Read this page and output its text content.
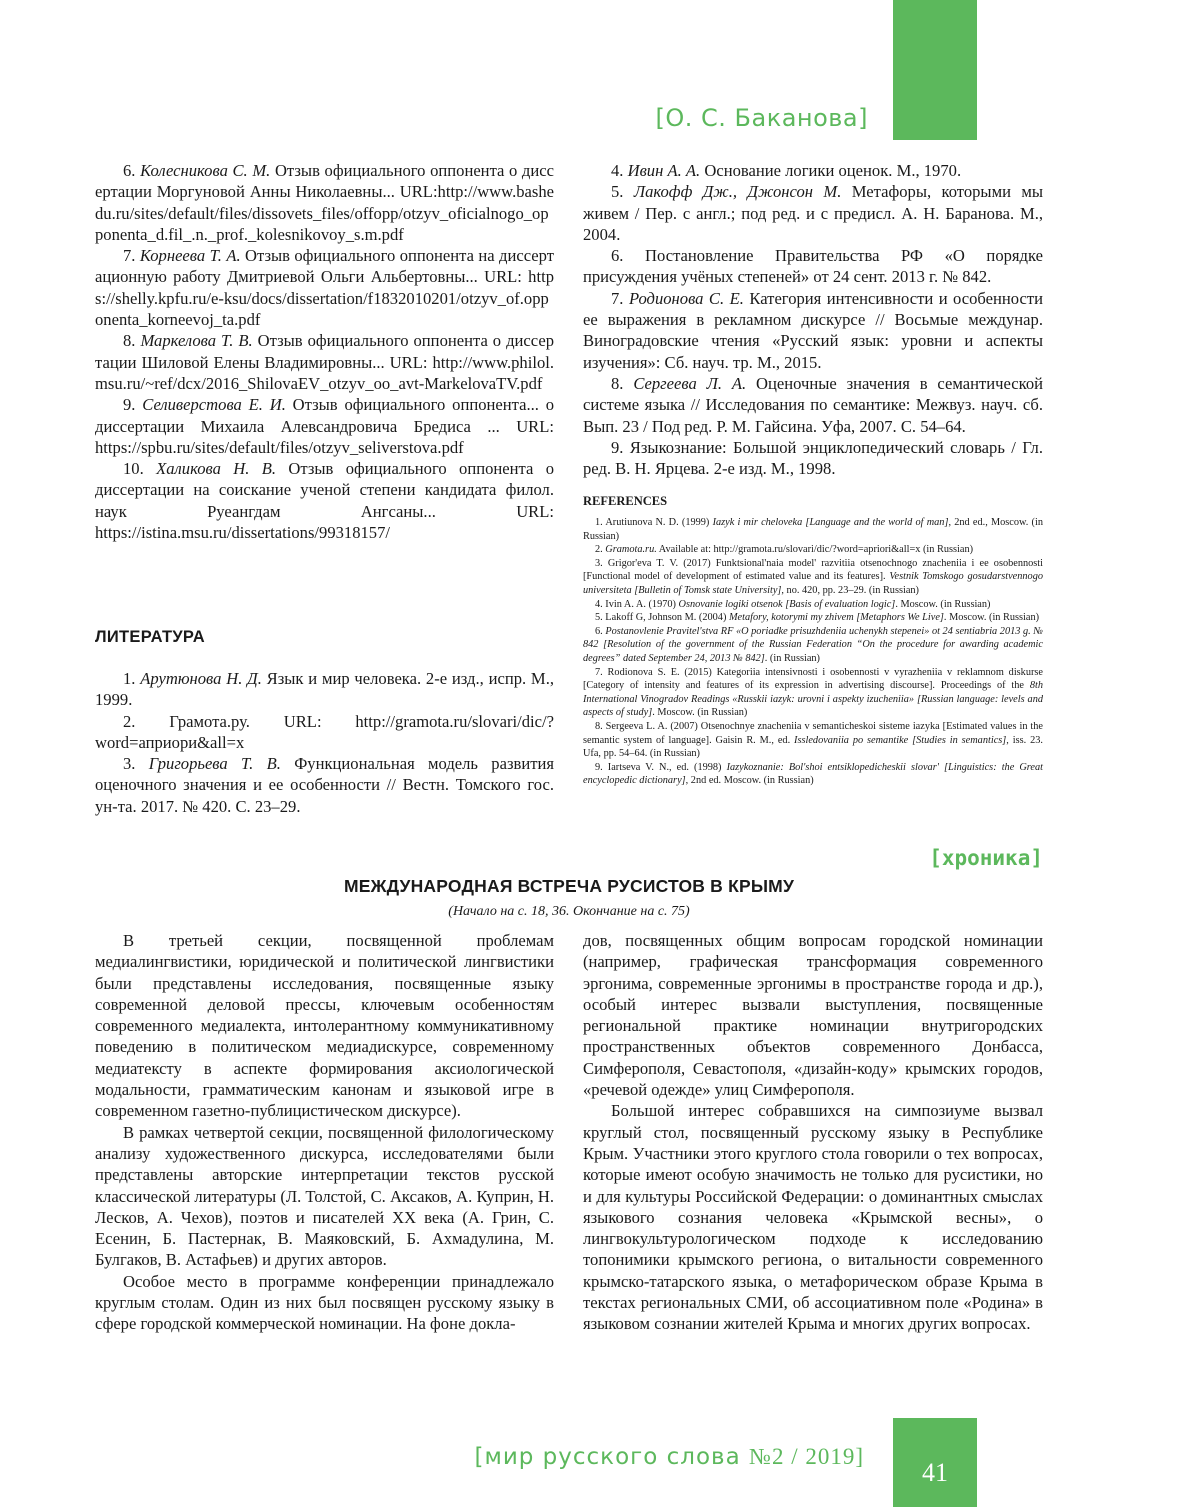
[О. С. Баканова]

6. Колесникова С. М. Отзыв официального оппонента о диссертации Моргуновой Анны Николаевны... URL:http://www.bashedu.ru/sites/default/files/dissovets_files/offopp/otzyv_oficialnogo_opponenta_d.fil_.n._prof._kolesnikovoy_s.m.pdf

7. Корнеева Т. А. Отзыв официального оппонента на диссертационную работу Дмитриевой Ольги Альбертовны... URL: https://shelly.kpfu.ru/e-ksu/docs/dissertation/f1832010201/otzyv_of.opponenta_korneevoj_ta.pdf

8. Маркелова Т. В. Отзыв официального оппонента о диссертации Шиловой Елены Владимировны... URL: http://www.philol.msu.ru/~ref/dcx/2016_ShilovaEV_otzyv_oo_avt-MarkelovaTV.pdf

9. Селиверстова Е. И. Отзыв официального оппонента... о диссертации Михаила Алевсандровича Бредиса ... URL: https://spbu.ru/sites/default/files/otzyv_seliverstova.pdf

10. Халикова Н. В. Отзыв официального оппонента о диссертации на соискание ученой степени кандидата филол. наук Руеангдам Ангсаны... URL: https://istina.msu.ru/dissertations/99318157/

ЛИТЕРАТУРА

1. Арутюнова Н. Д. Язык и мир человека. 2-е изд., испр. М., 1999.

2. Грамота.ру. URL: http://gramota.ru/slovari/dic/?word=априори&all=x

3. Григорьева Т. В. Функциональная модель развития оценочного значения и ее особенности // Вестн. Томского гос. ун-та. 2017. № 420. С. 23–29.

4. Ивин А. А. Основание логики оценок. М., 1970.

5. Лакофф Дж., Джонсон М. Метафоры, которыми мы живем / Пер. с англ.; под ред. и с предисл. А. Н. Баранова. М., 2004.

6. Постановление Правительства РФ «О порядке присуждения учёных степеней» от 24 сент. 2013 г. № 842.

7. Родионова С. Е. Категория интенсивности и особенности ее выражения в рекламном дискурсе // Восьмые междунар. Виноградовские чтения «Русский язык: уровни и аспекты изучения»: Сб. науч. тр. М., 2015.

8. Сергеева Л. А. Оценочные значения в семантической системе языка // Исследования по семантике: Межвуз. науч. сб. Вып. 23 / Под ред. Р. М. Гайсина. Уфа, 2007. С. 54–64.

9. Языкознание: Большой энциклопедический словарь / Гл. ред. В. Н. Ярцева. 2-е изд. М., 1998.

REFERENCES

1. Arutiunova N. D. (1999) Iazyk i mir cheloveka [Language and the world of man], 2nd ed., Moscow. (in Russian)

2. Gramota.ru. Available at: http://gramota.ru/slovari/dic/?word=apriori&all=x (in Russian)

3. Grigor'eva T. V. (2017) Funktsional'naia model' razvitiia otsenochnogo znacheniia i ee osobennosti [Functional model of development of estimated value and its features]. Vestnik Tomskogo gosudarstvennogo universiteta [Bulletin of Tomsk state University], no. 420, pp. 23–29. (in Russian)

4. Ivin A. A. (1970) Osnovanie logiki otsenok [Basis of evaluation logic]. Moscow. (in Russian)

5. Lakoff G, Johnson M. (2004) Metafory, kotorymi my zhivem [Metaphors We Live]. Moscow. (in Russian)

6. Postanovlenie Pravitel'stva RF «O poriadke prisuzhdeniia uchenykh stepenei» ot 24 sentiabria 2013 g. № 842 [Resolution of the government of the Russian Federation “On the procedure for awarding academic degrees” dated September 24, 2013 № 842]. (in Russian)

7. Rodionova S. E. (2015) Kategoriia intensivnosti i osobennosti v vyrazheniia v reklamnom diskurse [Category of intensity and features of its expression in advertising discourse]. Proceedings of the 8th International Vinogradov Readings «Russkii iazyk: urovni i aspekty izucheniia» [Russian language: levels and aspects of study]. Moscow. (in Russian)

8. Sergeeva L. A. (2007) Otsenochnye znacheniia v semanticheskoi sisteme iazyka [Estimated values in the semantic system of language]. Gaisin R. M., ed. Issledovaniia po semantike [Studies in semantics], iss. 23. Ufa, pp. 54–64. (in Russian)

9. Iartseva V. N., ed. (1998) Iazykoznanie: Bol'shoi entsiklopedicheskii slovar' [Linguistics: the Great encyclopedic dictionary], 2nd ed. Moscow. (in Russian)

[хроника]
МЕЖДУНАРОДНАЯ ВСТРЕЧА РУСИСТОВ В КРЫМУ
(Начало на с. 18, 36. Окончание на с. 75)

В третьей секции, посвященной проблемам медиалингвистики, юридической и политической лингвистики были представлены исследования, посвященные языку современной деловой прессы, ключевым особенностям современного медиалекта, интолерантному коммуникативному поведению в политическом медиадискурсе, современному медиатексту в аспекте формирования аксиологической модальности, грамматическим канонам и языковой игре в современном газетно-публицистическом дискурсе).

В рамках четвертой секции, посвященной филологическому анализу художественного дискурса, исследователями были представлены авторские интерпретации текстов русской классической литературы (Л. Толстой, С. Аксаков, А. Куприн, Н. Лесков, А. Чехов), поэтов и писателей XX века (А. Грин, С. Есенин, Б. Пастернак, В. Маяковский, Б. Ахмадулина, М. Булгаков, В. Астафьев) и других авторов.

Особое место в программе конференции принадлежало круглым столам. Один из них был посвящен русскому языку в сфере городской коммерческой номинации. На фоне докла-

дов, посвященных общим вопросам городской номинации (например, графическая трансформация современного эргонима, современные эргонимы в пространстве города и др.), особый интерес вызвали выступления, посвященные региональной практике номинации внутригородских пространственных объектов современного Донбасса, Симферополя, Севастополя, «дизайн-коду» крымских городов, «речевой одежде» улиц Симферополя.

Большой интерес собравшихся на симпозиуме вызвал круглый стол, посвященный русскому языку в Республике Крым. Участники этого круглого стола говорили о тех вопросах, которые имеют особую значимость не только для русистики, но и для культуры Российской Федерации: о доминантных смыслах языкового сознания человека «Крымской весны», о лингвокультурологическом подходе к исследованию топонимики крымского региона, о витальности современного крымско-татарского языка, о метафорическом образе Крыма в текстах региональных СМИ, об ассоциативном поле «Родина» в языковом сознании жителей Крыма и многих других вопросах.

[мир русского слова №2 / 2019]
41
